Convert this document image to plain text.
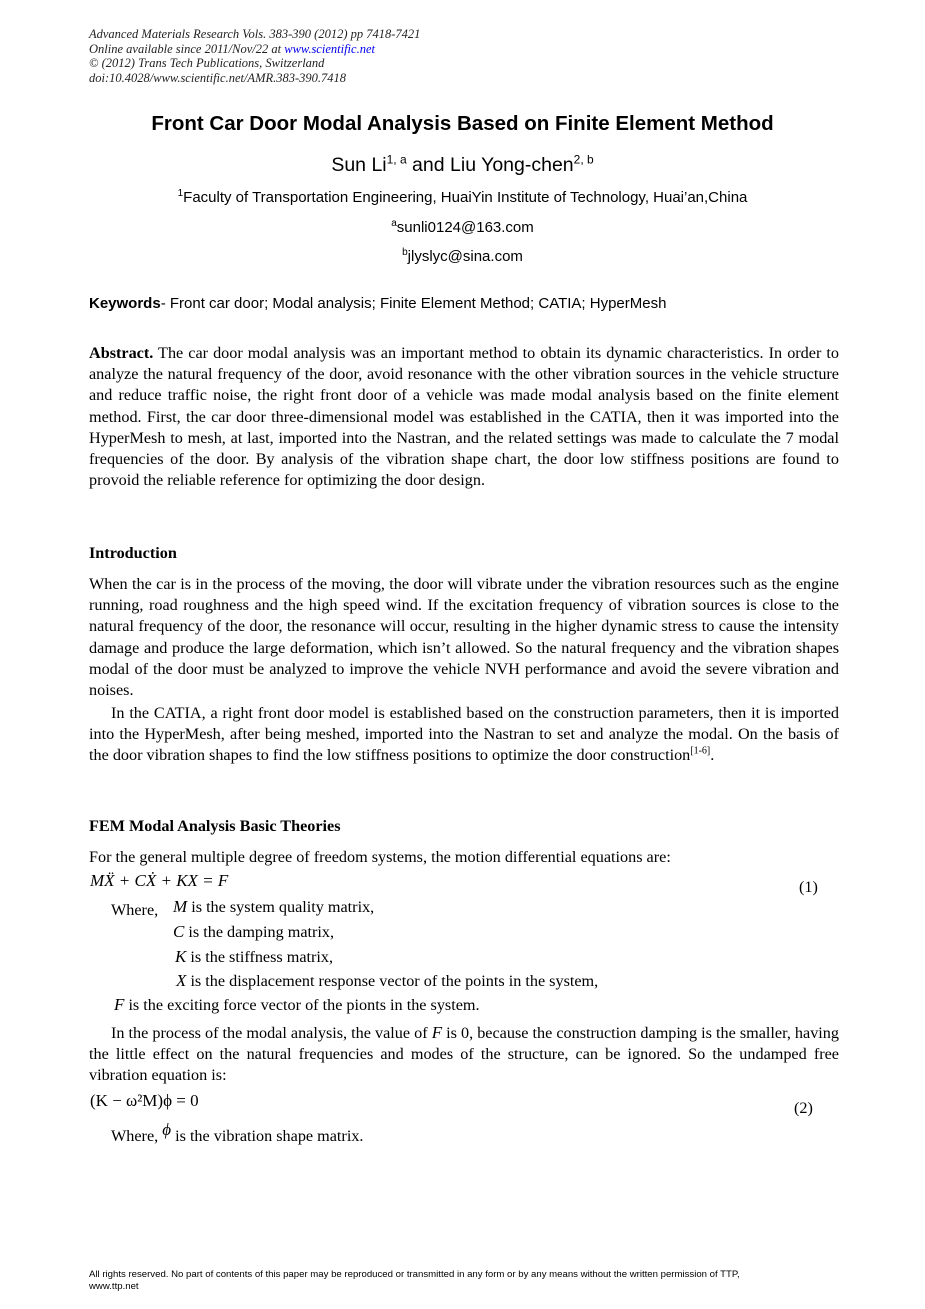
Advanced Materials Research Vols. 383-390 (2012) pp 7418-7421
Online available since 2011/Nov/22 at www.scientific.net
© (2012) Trans Tech Publications, Switzerland
doi:10.4028/www.scientific.net/AMR.383-390.7418
Front Car Door Modal Analysis Based on Finite Element Method
Sun Li$^{1, a}$ and Liu Yong-chen$^{2, b}$
$^1$Faculty of Transportation Engineering, HuaiYin Institute of Technology, Huai’an,China
$^a$sunli0124@163.com
$^b$jlyslyc@sina.com
Keywords- Front car door; Modal analysis; Finite Element Method; CATIA; HyperMesh
Abstract. The car door modal analysis was an important method to obtain its dynamic characteristics. In order to analyze the natural frequency of the door, avoid resonance with the other vibration sources in the vehicle structure and reduce traffic noise, the right front door of a vehicle was made modal analysis based on the finite element method. First, the car door three-dimensional model was established in the CATIA, then it was imported into the HyperMesh to mesh, at last, imported into the Nastran, and the related settings was made to calculate the 7 modal frequencies of the door. By analysis of the vibration shape chart, the door low stiffness positions are found to provoid the reliable reference for optimizing the door design.
Introduction
When the car is in the process of the moving, the door will vibrate under the vibration resources such as the engine running, road roughness and the high speed wind. If the excitation frequency of vibration sources is close to the natural frequency of the door, the resonance will occur, resulting in the higher dynamic stress to cause the intensity damage and produce the large deformation, which isn’t allowed. So the natural frequency and the vibration shapes modal of the door must be analyzed to improve the vehicle NVH performance and avoid the severe vibration and noises.
In the CATIA, a right front door model is established based on the construction parameters, then it is imported into the HyperMesh, after being meshed, imported into the Nastran to set and analyze the modal. On the basis of the door vibration shapes to find the low stiffness positions to optimize the door construction[1-6].
FEM Modal Analysis Basic Theories
For the general multiple degree of freedom systems, the motion differential equations are:
MẌ + CẊ + KX = F	(1)
Where, M is the system quality matrix,
C is the damping matrix,
K is the stiffness matrix,
X is the displacement response vector of the points in the system,
F is the exciting force vector of the pionts in the system.
In the process of the modal analysis, the value of F is 0, because the construction damping is the smaller, having the little effect on the natural frequencies and modes of the structure, can be ignored. So the undamped free vibration equation is:
(K − ω²M)ϕ = 0	(2)
Where, ϕ is the vibration shape matrix.
All rights reserved. No part of contents of this paper may be reproduced or transmitted in any form or by any means without the written permission of TTP,
www.ttp.net
